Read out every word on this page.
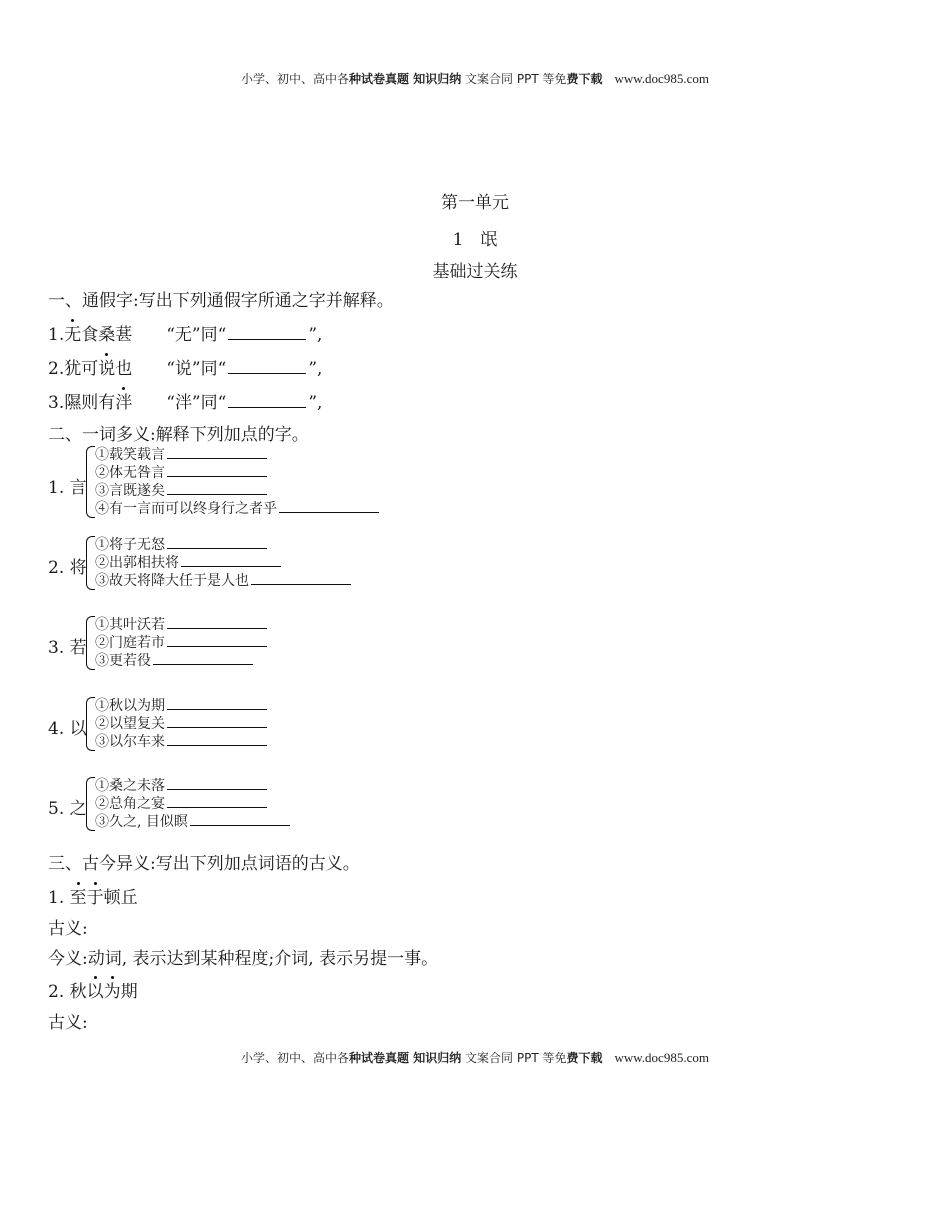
小学、初中、高中各种试卷真题 知识归纳 文案合同 PPT 等免费下载 www.doc985.com
第一单元
1　氓
基础过关练
一、通假字:写出下列通假字所通之字并解释。
1.无食桑葚　　 “无”同“	”,
2.犹可说也　　 “说”同“	”,
3.隰则有泮　　 “泮”同“	”,
二、一词多义:解释下列加点的字。
1. 言
①载笑载言
②体无咎言
③言既遂矣
④有一言而可以终身行之者乎
2. 将
①将子无怒
②出郭相扶将
③故天将降大任于是人也
3. 若
①其叶沃若
②门庭若市
③更若役
4. 以
①秋以为期
②以望复关
③以尔车来
5. 之
①桑之未落
②总角之宴
③久之, 目似瞑
三、古今异义:写出下列加点词语的古义。
1. 至于顿丘
古义:
今义:动词, 表示达到某种程度;介词, 表示另提一事。
2. 秋以为期
古义:
小学、初中、高中各种试卷真题 知识归纳 文案合同 PPT 等免费下载 www.doc985.com
